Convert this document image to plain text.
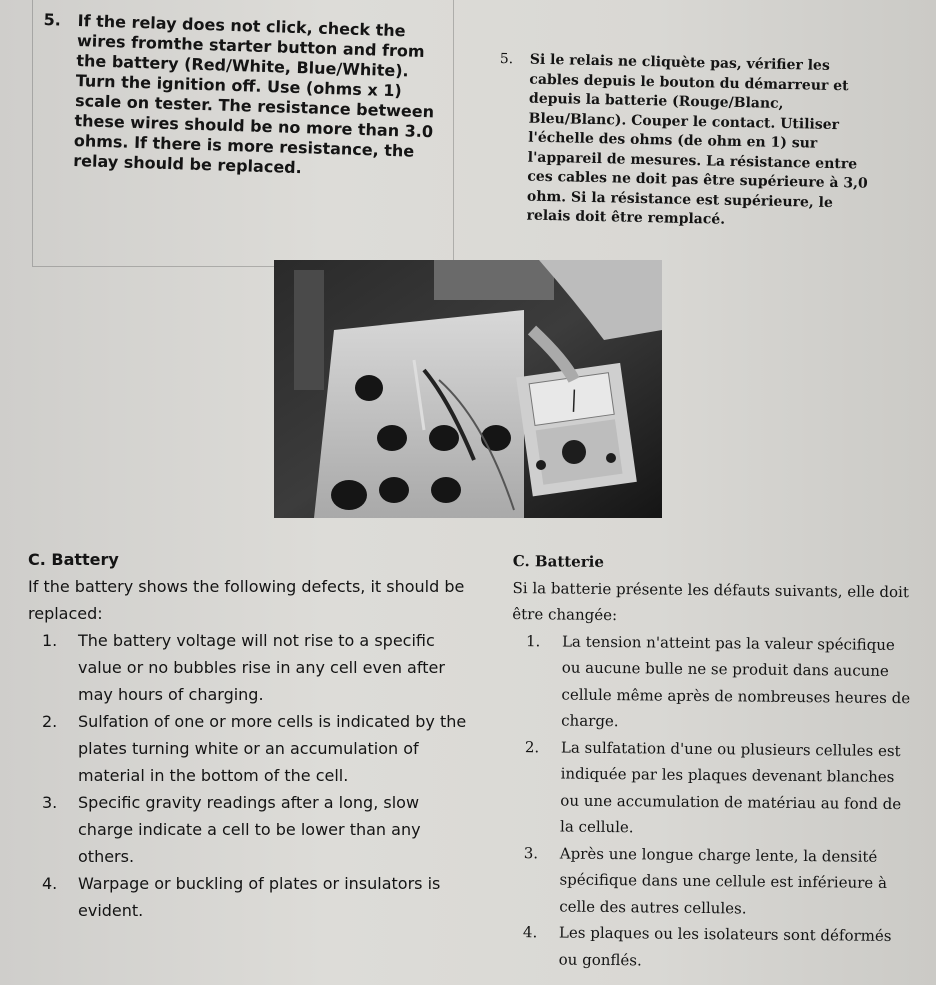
5. If the relay does not click, check the wires fromthe starter button and from the battery (Red/White, Blue/White). Turn the ignition off. Use (ohms x 1) scale on tester. The resistance between these wires should be no more than 3.0 ohms. If there is more resistance, the relay should be replaced.
5. Si le relais ne cliquète pas, vérifier les cables depuis le bouton du démarreur et depuis la batterie (Rouge/Blanc, Bleu/Blanc). Couper le contact. Utiliser l'échelle des ohms (de ohm en 1) sur l'appareil de mesures. La résistance entre ces cables ne doit pas être supérieure à 3,0 ohm. Si la résistance est supérieure, le relais doit être remplacé.
C. Battery
If the battery shows the following defects, it should be replaced:
1. The battery voltage will not rise to a specific value or no bubbles rise in any cell even after may hours of charging.
2. Sulfation of one or more cells is indicated by the plates turning white or an accumulation of material in the bottom of the cell.
3. Specific gravity readings after a long, slow charge indicate a cell to be lower than any others.
4. Warpage or buckling of plates or insulators is evident.
C. Batterie
Si la batterie présente les défauts suivants, elle doit être changée:
1. La tension n'atteint pas la valeur spécifique ou aucune bulle ne se produit dans aucune cellule même après de nombreuses heures de charge.
2. La sulfatation d'une ou plusieurs cellules est indiquée par les plaques devenant blanches ou une accumulation de matériau au fond de la cellule.
3. Après une longue charge lente, la densité spécifique dans une cellule est inférieure à celle des autres cellules.
4. Les plaques ou les isolateurs sont déformés ou gonflés.
